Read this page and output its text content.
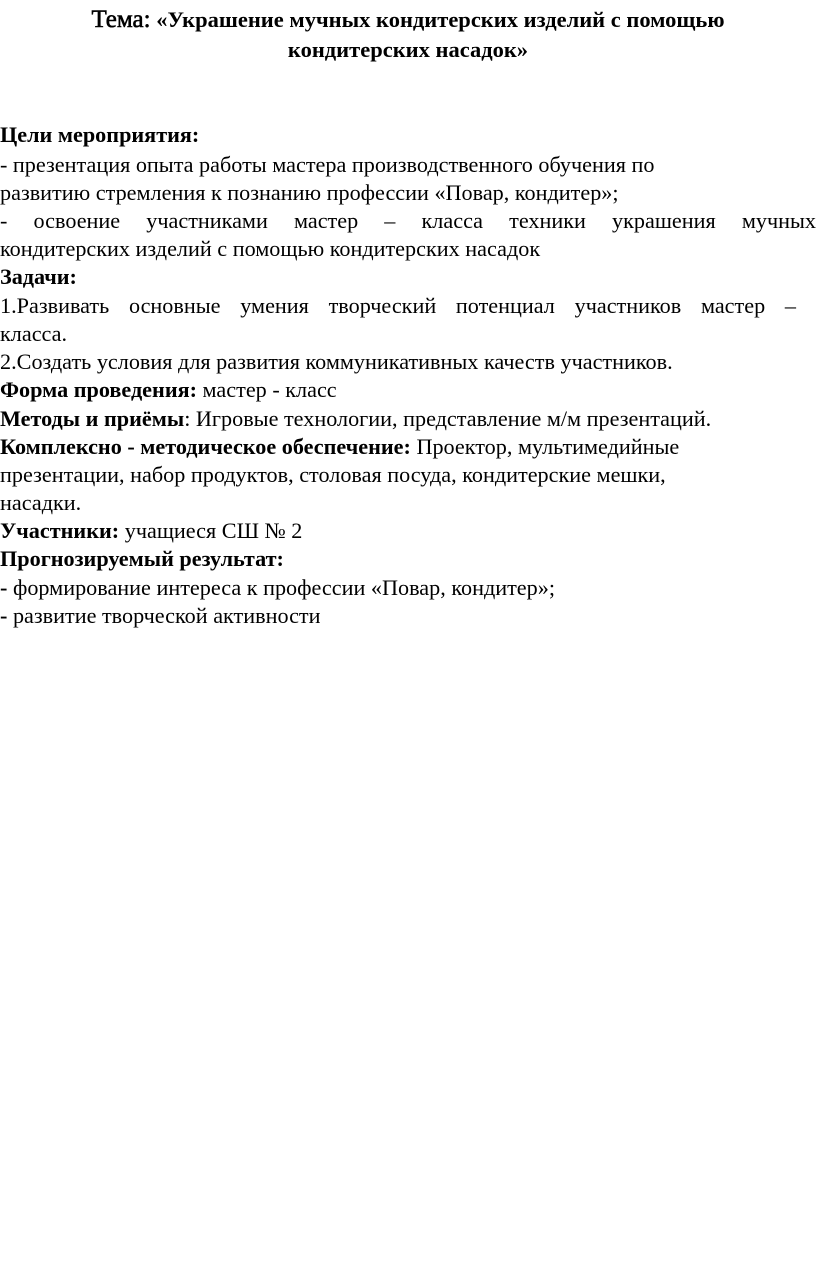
Тема: «Украшение мучных кондитерских изделий с помощью
кондитерских насадок»
Цели мероприятия:
- презентация опыта работы мастера производственного обучения по
развитию стремления к познанию профессии «Повар, кондитер»;
- освоение участниками мастер – класса техники украшения мучных
кондитерских изделий с помощью кондитерских насадок
Задачи:
1.Развивать основные умения творческий потенциал участников мастер –
класса.
2.Создать условия для развития коммуникативных качеств участников.
Форма проведения: мастер - класс
Методы и приёмы: Игровые технологии, представление м/м презентаций.
Комплексно - методическое обеспечение: Проектор, мультимедийные
презентации, набор продуктов, столовая посуда, кондитерские мешки,
насадки.
Участники: учащиеся СШ № 2
Прогнозируемый результат:
- формирование интереса к профессии «Повар, кондитер»;
- развитие творческой активности
